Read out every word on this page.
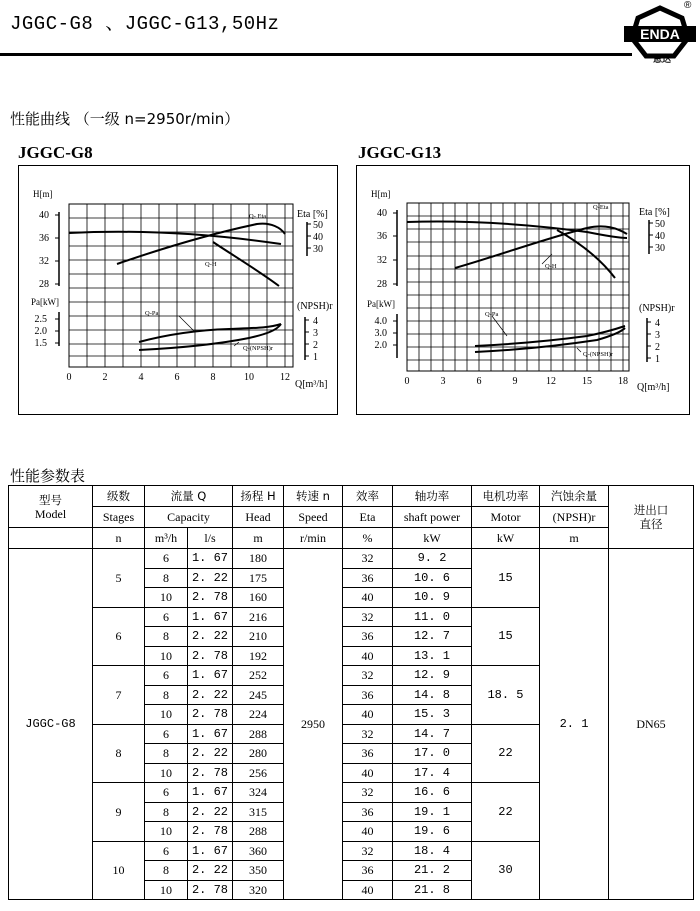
JGGC-G8 、JGGC-G13,50Hz	ENDA
恩达
®
性能曲线 （一级 n=2950r/min）
JGGC-G8	JGGC-G13
H[m]
40
36
32
28
Pa[kW]
2.5
2.0
1.5
Eta [%]
50
40
30
(NPSH)r
4
3
2
1
0	2	4	6	8	10	12
Q[m³/h]
Q- Eta
Q-H
Q-Pa
Q-(NPSH)r
H[m]
40
36
32
28
Pa[kW]
4.0
3.0
2.0
Eta [%]
50
40
30
(NPSH)r
4
3
2
1
0	3	6	9	12	15	18
Q[m³/h]
Q-Eta
Q-H
Q-Pa
Q-(NPSH)r
性能参数表
型号
Model	级数	流量 Q		扬程 H	转速 n	效率	轴功率	电机功率	汽蚀余量	进出口
直径
	Stages	Capacity		Head	Speed	Eta	shaft power	Motor	(NPSH)r	
	n	m³/h	l/s	m	r/min	%	kW	kW	m	
JGGC-G8	5	6	1. 67	180	2950	32	9. 2	15	2. 1	DN65
		8	2. 22	175		36	10. 6			
		10	2. 78	160		40	10. 9			
	6	6	1. 67	216		32	11. 0	15		
		8	2. 22	210		36	12. 7			
		10	2. 78	192		40	13. 1			
	7	6	1. 67	252		32	12. 9	18. 5		
		8	2. 22	245		36	14. 8			
		10	2. 78	224		40	15. 3			
	8	6	1. 67	288		32	14. 7	22		
		8	2. 22	280		36	17. 0			
		10	2. 78	256		40	17. 4			
	9	6	1. 67	324		32	16. 6	22		
		8	2. 22	315		36	19. 1			
		10	2. 78	288		40	19. 6			
	10	6	1. 67	360		32	18. 4	30		
		8	2. 22	350		36	21. 2			
		10	2. 78	320		40	21. 8			
